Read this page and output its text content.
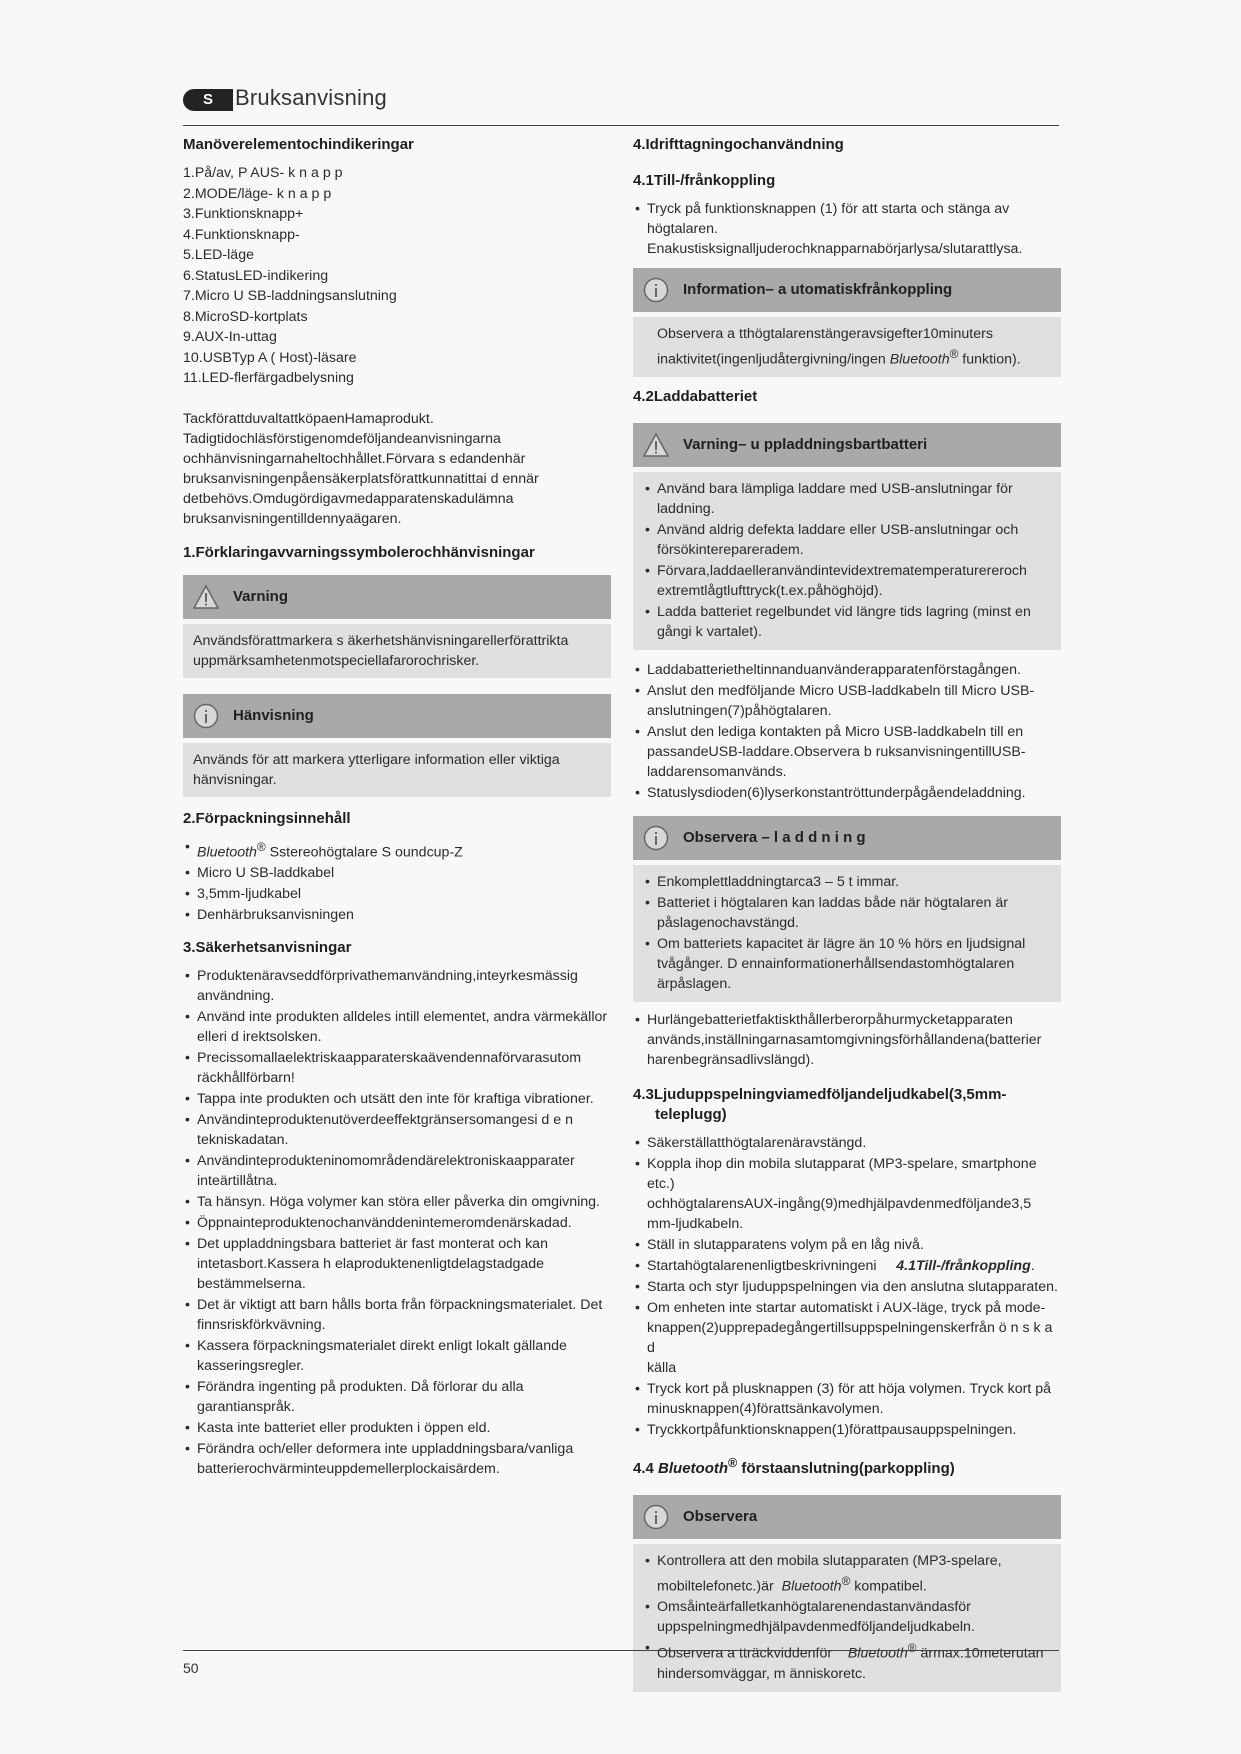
S	Bruksanvisning
Manöverelementochindikeringar
1.På/av, P AUS- k n a p p
2.MODE/läge- k n a p p
3.Funktionsknapp+
4.Funktionsknapp-
5.LED-läge
6.StatusLED-indikering
7.Micro U SB-laddningsanslutning
8.MicroSD-kortplats
9.AUX-In-uttag
10.USBTyp A ( Host)-läsare
11.LED-flerfärgadbelysning

TackförattduvaltattköpaenHamaprodukt.
Tadigtidochläsförstigenomdeföljandeanvisningarna
ochhänvisningarnaheltochhållet.Förvara s edandenhär
bruksanvisningenpåensäkerplatsförattkunnatittai d ennär
detbehövs.Omdugördigavmedapparatenskadulämna
bruksanvisningentilldennyaägaren.

1.Förklaringavvarningssymbolerochhänvisningar
Varning
Användsförattmarkera s äkerhetshänvisningarellerförattrikta
uppmärksamhetenmotspeciellafarorochrisker.
Hänvisning
Används för att markera ytterligare information eller viktiga
hänvisningar.
2.Förpackningsinnehåll
• Bluetooth® Sstereohögtalare S oundcup-Z
• Micro U SB-laddkabel
• 3,5mm-ljudkabel
• Denhärbruksanvisningen
3.Säkerhetsanvisningar
• Produktenäravseddförprivathemanvändning,inteyrkesmässig
användning.
• Använd inte produkten alldeles intill elementet, andra värmekällor
elleri d irektsolsken.
• Precissomallaelektriskaapparaterskaävendennaförvarasutom
räckhållförbarn!
• Tappa inte produkten och utsätt den inte för kraftiga vibrationer.
• Användinteproduktenutöverdeeffektgränsersomangesi d e n
tekniskadatan.
• Användinteprodukteninomområdendärelektroniskaapparater
inteärtillåtna.
• Ta hänsyn. Höga volymer kan störa eller påverka din omgivning.
• Öppnainteproduktenochanvänddenintemeromdenärskadad.
• Det uppladdningsbara batteriet är fast monterat och kan
intetasbort.Kassera h elaproduktenenligtdelagstadgade
bestämmelserna.
• Det är viktigt att barn hålls borta från förpackningsmaterialet. Det
finnsriskförkvävning.
• Kassera förpackningsmaterialet direkt enligt lokalt gällande
kasseringsregler.
• Förändra ingenting på produkten. Då förlorar du alla
garantianspråk.
• Kasta inte batteriet eller produkten i öppen eld.
• Förändra och/eller deformera inte uppladdningsbara/vanliga
batterierochvärminteuppdemellerplockaisärdem.
4.Idrifttagningochanvändning
4.1Till-/frånkoppling
• Tryck på funktionsknappen (1) för att starta och stänga av högtalaren.
Enakustisksignalljuderochknapparnabörjarlysa/slutarattlysa.
Information– a utomatiskfrånkoppling
Observera a tthögtalarenstängeravsigefter10minuters
inaktivitet(ingenljudåtergivning/ingen Bluetooth® funktion).
4.2Laddabatteriet
Varning– u ppladdningsbartbatteri
• Använd bara lämpliga laddare med USB-anslutningar för
laddning.
• Använd aldrig defekta laddare eller USB-anslutningar och
försökinterepareradem.
• Förvara,laddaelleranvändintevidextrematemperaturereroch
extremtlågtlufttryck(t.ex.påhöghöjd).
• Ladda batteriet regelbundet vid längre tids lagring (minst en
gångi k vartalet).
• Laddabatterietheltinnanduanvänderapparatenförstagången.
• Anslut den medföljande Micro USB-laddkabeln till Micro USB-
anslutningen(7)påhögtalaren.
• Anslut den lediga kontakten på Micro USB-laddkabeln till en
passandeUSB-laddare.Observera b ruksanvisningentillUSB-
laddarensomanvänds.
• Statuslysdioden(6)lyserkonstantröttunderpågåendeladdning.
Observera – l a d d n i n g
• Enkomplettladdningtarca3 – 5 t immar.
• Batteriet i högtalaren kan laddas både när högtalaren är
påslagenochavstängd.
• Om batteriets kapacitet är lägre än 10 % hörs en ljudsignal
tvågånger. D ennainformationerhållsendastomhögtalaren
ärpåslagen.
• Hurlängebatterietfaktiskthållerberorpåhurmycketapparaten
används,inställningarnasamtomgivningsförhållandena(batterier
harenbegränsadlivslängd).
4.3Ljuduppspelningviamedföljandeljudkabel(3,5mm-
teleplugg)
• Säkerställatthögtalarenäravstängd.
• Koppla ihop din mobila slutapparat (MP3-spelare, smartphone etc.)
ochhögtalarensAUX-ingång(9)medhjälpavdenmedföljande3,5
mm-ljudkabeln.
• Ställ in slutapparatens volym på en låg nivå.
• Startahögtalarenenligtbeskrivningeni 4.1Till-/frånkoppling.
• Starta och styr ljuduppspelningen via den anslutna slutapparaten.
• Om enheten inte startar automatiskt i AUX-läge, tryck på mode-
knappen(2)upprepadegångertillsuppspelningenskerfrån ö n s k a d
källa
• Tryck kort på plusknappen (3) för att höja volymen. Tryck kort på
minusknappen(4)förattsänkavolymen.
• Tryckkortpåfunktionsknappen(1)förattpausauppspelningen.
4.4 Bluetooth® förstaanslutning(parkoppling)
Observera
• Kontrollera att den mobila slutapparaten (MP3-spelare,
mobiltelefonetc.)är Bluetooth® kompatibel.
• Omsåinteärfalletkanhögtalarenendastanvändasför
uppspelningmedhjälpavdenmedföljandeljudkabeln.
• Observera a tträckviddenför Bluetooth® ärmax.10meterutan
hindersomväggar, m änniskoretc.
50
